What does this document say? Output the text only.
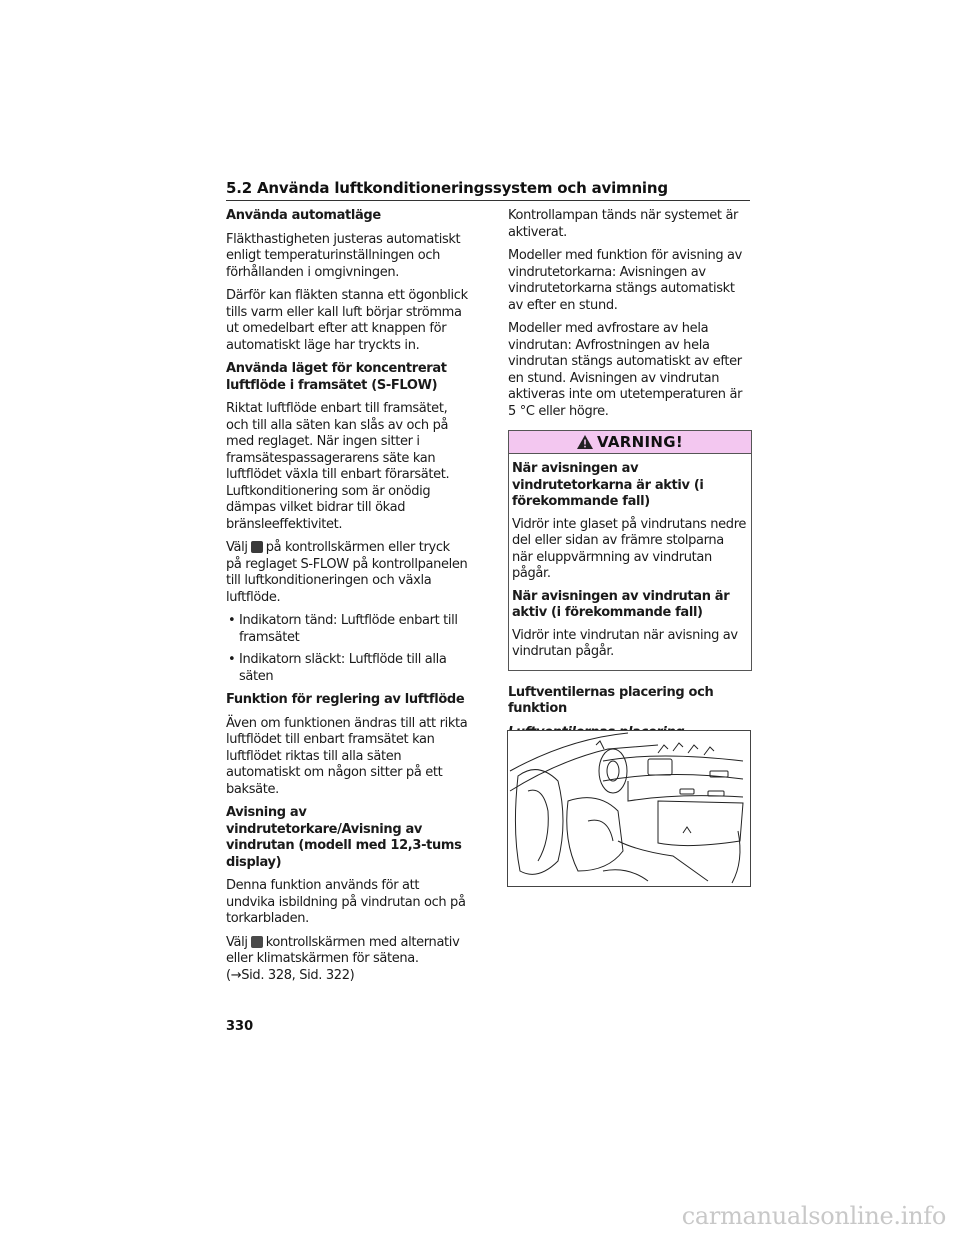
5.2 Använda luftkonditioneringssystem och avimning
Använda automatläge

Fläkthastigheten justeras automatiskt enligt temperaturinställningen och förhållanden i omgivningen.

Därför kan fläkten stanna ett ögonblick tills varm eller kall luft börjar strömma ut omedelbart efter att knappen för automatiskt läge har tryckts in.

Använda läget för koncentrerat luftflöde i framsätet (S-FLOW)

Riktat luftflöde enbart till framsätet, och till alla säten kan slås av och på med reglaget. När ingen sitter i framsätespassagerarens säte kan luftflödet växla till enbart förarsätet. Luftkonditionering som är onödig dämpas vilket bidrar till ökad bränsleeffektivitet.

Välj på kontrollskärmen eller tryck på reglaget S-FLOW på kontrollpanelen till luftkonditioneringen och växla luftflöde.

• Indikatorn tänd: Luftflöde enbart till framsätet
• Indikatorn släckt: Luftflöde till alla säten
Funktion för reglering av luftflöde

Även om funktionen ändras till att rikta luftflödet till enbart framsätet kan luftflödet riktas till alla säten automatiskt om någon sitter på ett baksäte.

Avisning av vindrutetorkare/Avisning av vindrutan (modell med 12,3-tums display)

Denna funktion används för att undvika isbildning på vindrutan och på torkarbladen.

Välj kontrollskärmen med alternativ eller klimatskärmen för sätena.
(→Sid. 328, Sid. 322)

Kontrollampan tänds när systemet är aktiverat.

Modeller med funktion för avisning av vindrutetorkarna: Avisningen av vindrutetorkarna stängs automatiskt av efter en stund.

Modeller med avfrostare av hela vindrutan: Avfrostningen av hela vindrutan stängs automatiskt av efter en stund. Avisningen av vindrutan aktiveras inte om utetemperaturen är 5 °C eller högre.

VARNING!
När avisningen av vindrutetorkarna är aktiv (i förekommande fall)

Vidrör inte glaset på vindrutans nedre del eller sidan av främre stolparna när eluppvärmning av vindrutan pågår.

När avisningen av vindrutan är aktiv (i förekommande fall)

Vidrör inte vindrutan när avisning av vindrutan pågår.

Luftventilernas placering och funktion

330
carmanualsonline.info
